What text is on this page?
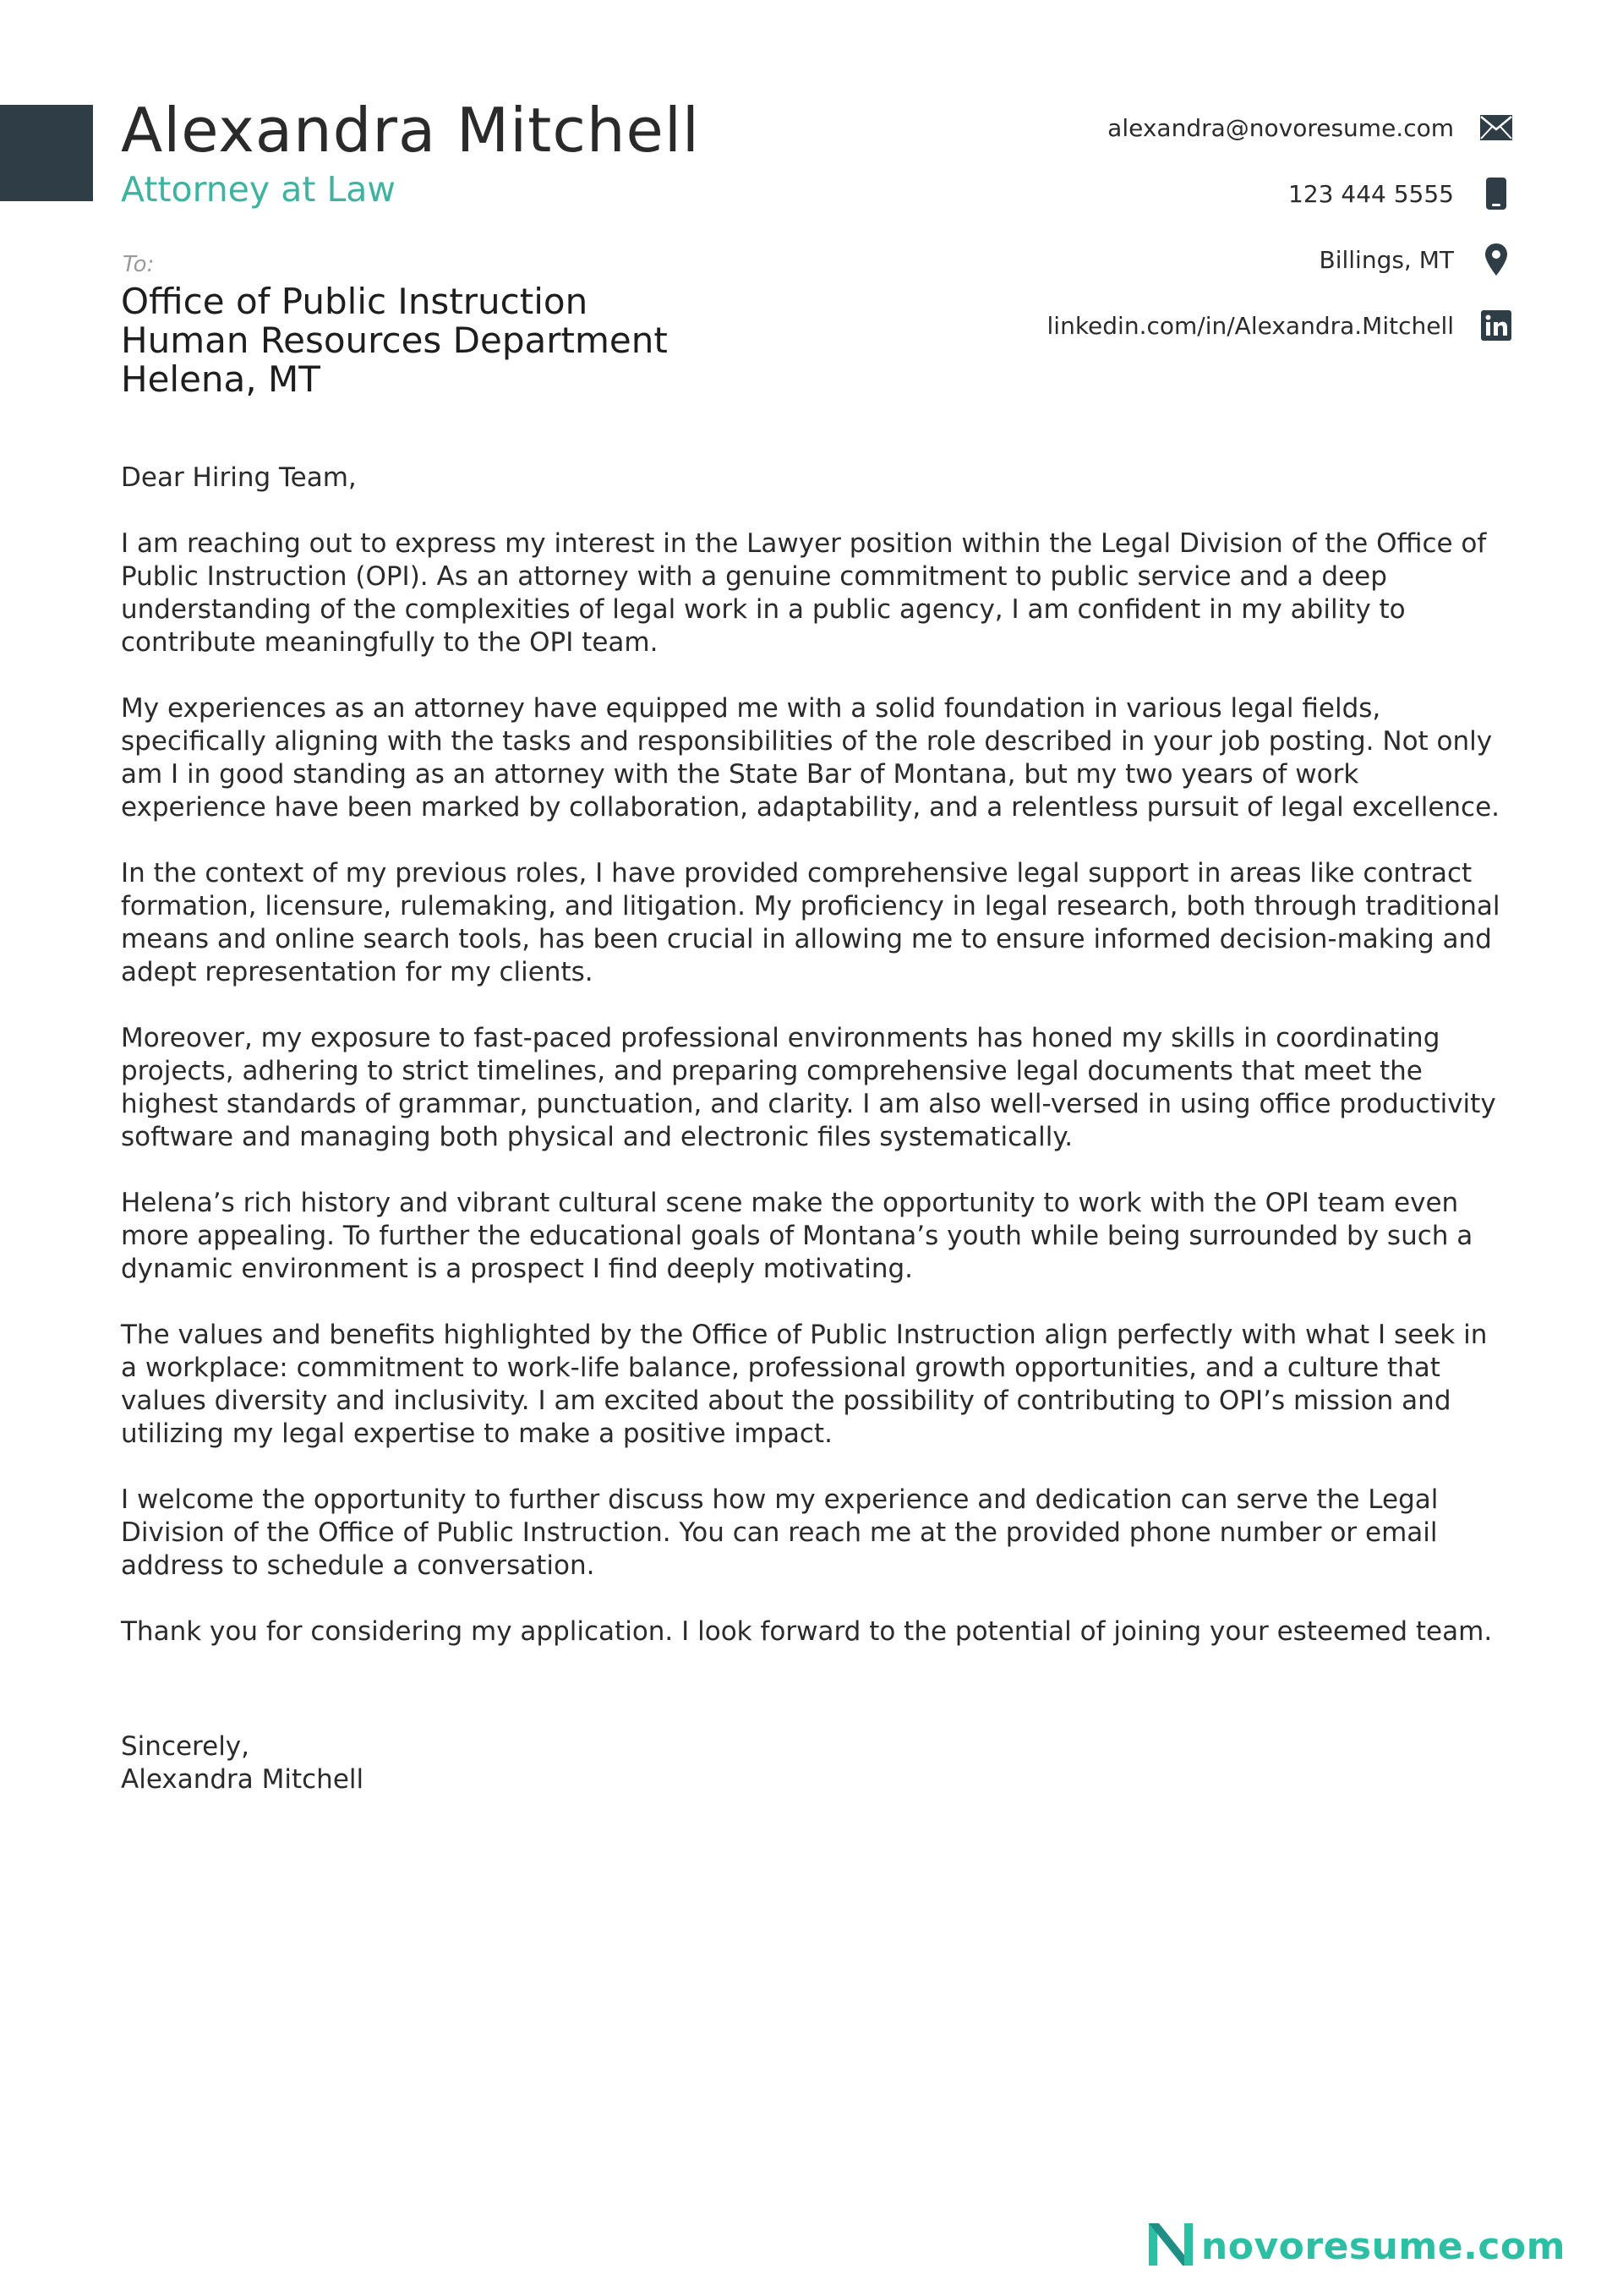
Alexandra Mitchell
Attorney at Law
To:
Office of Public Instruction
Human Resources Department
Helena, MT
alexandra@novoresume.com
123 444 5555
Billings, MT
linkedin.com/in/Alexandra.Mitchell

Dear Hiring Team,

I am reaching out to express my interest in the Lawyer position within the Legal Division of the Office of Public Instruction (OPI). As an attorney with a genuine commitment to public service and a deep understanding of the complexities of legal work in a public agency, I am confident in my ability to contribute meaningfully to the OPI team.

My experiences as an attorney have equipped me with a solid foundation in various legal fields, specifically aligning with the tasks and responsibilities of the role described in your job posting. Not only am I in good standing as an attorney with the State Bar of Montana, but my two years of work experience have been marked by collaboration, adaptability, and a relentless pursuit of legal excellence.

In the context of my previous roles, I have provided comprehensive legal support in areas like contract formation, licensure, rulemaking, and litigation. My proficiency in legal research, both through traditional means and online search tools, has been crucial in allowing me to ensure informed decision-making and adept representation for my clients.

Moreover, my exposure to fast-paced professional environments has honed my skills in coordinating projects, adhering to strict timelines, and preparing comprehensive legal documents that meet the highest standards of grammar, punctuation, and clarity. I am also well-versed in using office productivity software and managing both physical and electronic files systematically.

Helena’s rich history and vibrant cultural scene make the opportunity to work with the OPI team even more appealing. To further the educational goals of Montana’s youth while being surrounded by such a dynamic environment is a prospect I find deeply motivating.

The values and benefits highlighted by the Office of Public Instruction align perfectly with what I seek in a workplace: commitment to work-life balance, professional growth opportunities, and a culture that values diversity and inclusivity. I am excited about the possibility of contributing to OPI’s mission and utilizing my legal expertise to make a positive impact.

I welcome the opportunity to further discuss how my experience and dedication can serve the Legal Division of the Office of Public Instruction. You can reach me at the provided phone number or email address to schedule a conversation.

Thank you for considering my application. I look forward to the potential of joining your esteemed team.

Sincerely,
Alexandra Mitchell
novoresume.com
